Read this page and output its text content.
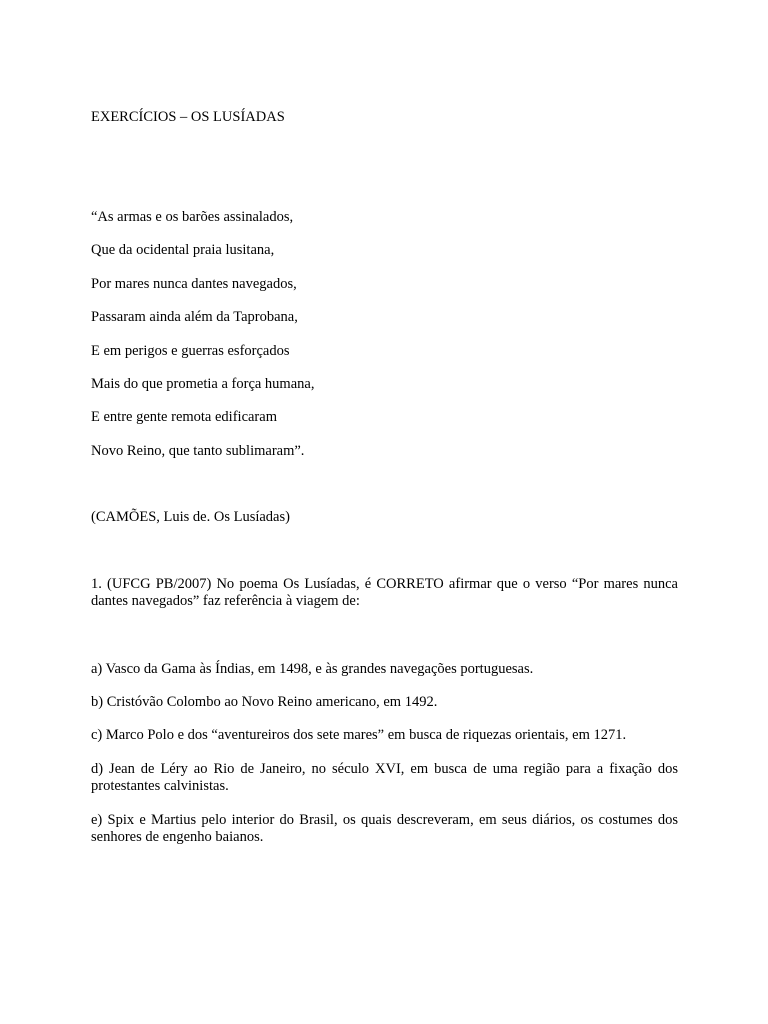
EXERCÍCIOS – OS LUSÍADAS

“As armas e os barões assinalados,

Que da ocidental praia lusitana,

Por mares nunca dantes navegados,

Passaram ainda além da Taprobana,

E em perigos e guerras esforçados

Mais do que prometia a força humana,

E entre gente remota edificaram

Novo Reino, que tanto sublimaram”.

(CAMÕES, Luis de. Os Lusíadas)

1. (UFCG PB/2007) No poema Os Lusíadas, é CORRETO afirmar que o verso “Por mares nunca dantes navegados” faz referência à viagem de:

a) Vasco da Gama às Índias, em 1498, e às grandes navegações portuguesas.

b) Cristóvão Colombo ao Novo Reino americano, em 1492.

c) Marco Polo e dos “aventureiros dos sete mares” em busca de riquezas orientais, em 1271.

d) Jean de Léry ao Rio de Janeiro, no século XVI, em busca de uma região para a fixação dos protestantes calvinistas.

e) Spix e Martius pelo interior do Brasil, os quais descreveram, em seus diários, os costumes dos senhores de engenho baianos.
